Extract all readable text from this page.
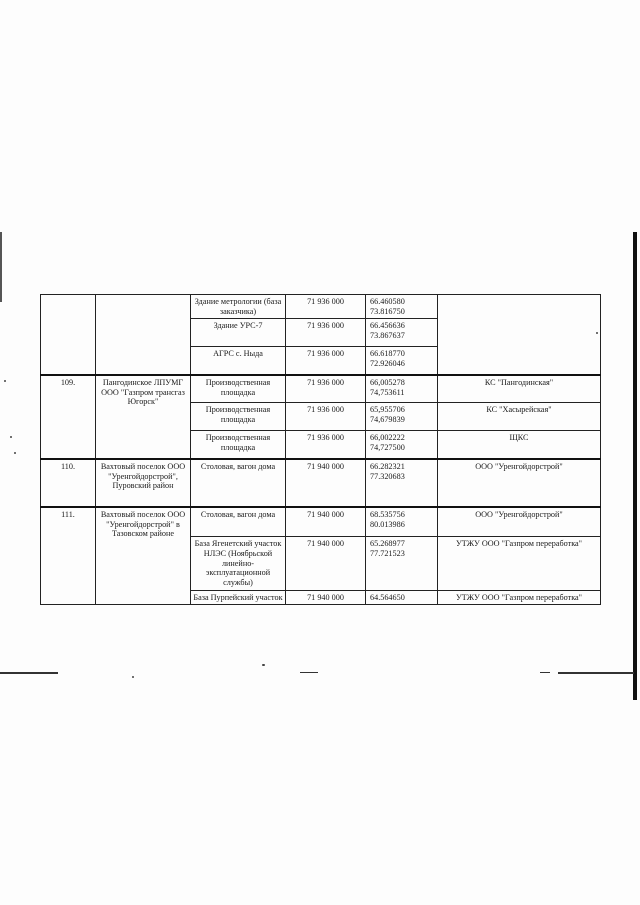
		Здание метрологии (база заказчика)	71 936 000	66.460580
73.816750	

		Здание УРС-7	71 936 000	66.456636
73.867637	

		АГРС с. Ныда	71 936 000	66.618770
72.926046	

109.	Пангодинское ЛПУМГ ООО "Газпром трансгаз Югорск"	Производственная площадка	71 936 000	66,005278
74,753611	КС "Пангодинская"
		Производственная площадка	71 936 000	65,955706
74,679839	КС "Хасырейская"
		Производственная площадка	71 936 000	66,002222
74,727500	ЩКС
110.	Вахтовый поселок ООО "Уренгойдорстрой", Пуровский район	Столовая, вагон дома	71 940 000	66.282321
77.320683	ООО "Уренгойдорстрой"
111.	Вахтовый поселок ООО "Уренгойдорстрой" в Тазовском районе	Столовая, вагон дома	71 940 000	68.535756
80.013986	ООО "Уренгойдорстрой"
		База Ягенетский участок НЛЭС (Ноябрьской линейно-эксплуатационной службы)	71 940 000	65.268977
77.721523	УТЖУ ООО "Газпром переработка"
		База Пурпейский участок	71 940 000	64.564650	УТЖУ ООО "Газпром переработка"
